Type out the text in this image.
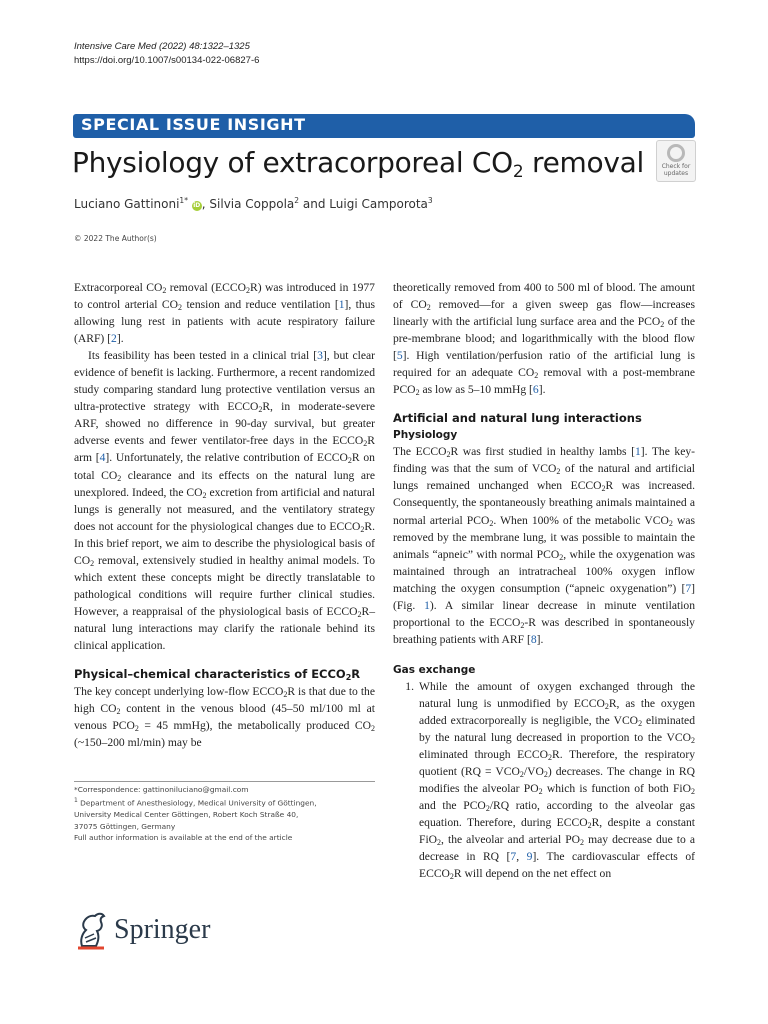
Intensive Care Med (2022) 48:1322–1325
https://doi.org/10.1007/s00134-022-06827-6
SPECIAL ISSUE INSIGHT
Physiology of extracorporeal $CO_2$ removal	Check for
updates
Luciano Gattinoni$^{1*}$ iD, Silvia Coppola$^2$ and Luigi Camporota$^3$
© 2022 The Author(s)

Extracorporeal $CO_2$ removal $(ECCO_2R)$ was introduced in 1977 to control arterial $CO_2$ tension and reduce ventilation [1], thus allowing lung rest in patients with acute respiratory failure (ARF) [2].

Its feasibility has been tested in a clinical trial [3], but clear evidence of benefit is lacking. Furthermore, a recent randomized study comparing standard lung protective ventilation versus an ultra-protective strategy with $ECCO_2R$, in moderate-severe ARF, showed no difference in 90-day survival, but greater adverse events and fewer ventilator-free days in the $ECCO_2R$ arm [4]. Unfortunately, the relative contribution of $ECCO_2R$ on total $CO_2$ clearance and its effects on the natural lung are unexplored. Indeed, the $CO_2$ excretion from artificial and natural lungs is generally not measured, and the ventilatory strategy does not account for the physiological changes due to $ECCO_2R$. In this brief report, we aim to describe the physiological basis of $CO_2$ removal, extensively studied in healthy animal models. To which extent these concepts might be directly translatable to pathological conditions will require further clinical studies. However, a reappraisal of the physiological basis of $ECCO_2R$–natural lung interactions may clarify the rationale behind its clinical application.

Physical–chemical characteristics of $ECCO_2R$

The key concept underlying low-flow $ECCO_2R$ is that due to the high $CO_2$ content in the venous blood (45–50 ml/100 ml at venous $PCO_2 = 45$ mmHg), the metabolically produced $CO_2$ (~150–200 ml/min) may be

theoretically removed from 400 to 500 ml of blood. The amount of $CO_2$ removed—for a given sweep gas flow—increases linearly with the artificial lung surface area and the $PCO_2$ of the pre-membrane blood; and logarithmically with the blood flow [5]. High ventilation/perfusion ratio of the artificial lung is required for an adequate $CO_2$ removal with a post-membrane $PCO_2$ as low as 5–10 mmHg [6].

Artificial and natural lung interactions
Physiology

The $ECCO_2R$ was first studied in healthy lambs [1]. The key-finding was that the sum of $VCO_2$ of the natural and artificial lungs remained unchanged when $ECCO_2R$ was increased. Consequently, the spontaneously breathing animals maintained a normal arterial $PCO_2$. When 100% of the metabolic $VCO_2$ was removed by the membrane lung, it was possible to maintain the animals “apneic” with normal $PCO_2$, while the oxygenation was maintained through an intratracheal 100% oxygen inflow matching the oxygen consumption (“apneic oxygenation”) [7] (Fig. 1). A similar linear decrease in minute ventilation proportional to the $ECCO_2-R$ was described in spontaneously breathing patients with ARF [8].

Gas exchange
1. While the amount of oxygen exchanged through the natural lung is unmodified by $ECCO_2R$, as the oxygen added extracorporeally is negligible, the $VCO_2$ eliminated by the natural lung decreased in proportion to the $VCO_2$ eliminated through $ECCO_2R$. Therefore, the respiratory quotient $(RQ = VCO_2/VO_2)$ decreases. The change in RQ modifies the alveolar $PO_2$ which is function of both FiO$_2$ and the $PCO_2/RQ$ ratio, according to the alveolar gas equation. Therefore, during $ECCO_2R$, despite a constant FiO$_2$, the alveolar and arterial $PO_2$ may decrease due to a decrease in RQ [7, 9]. The cardiovascular effects of $ECCO_2R$ will depend on the net effect on

*Correspondence: gattinoniluciano@gmail.com
$^1$ Department of Anesthesiology, Medical University of Göttingen,
University Medical Center Göttingen, Robert Koch Straße 40,
37075 Göttingen, Germany
Full author information is available at the end of the article
Springer
